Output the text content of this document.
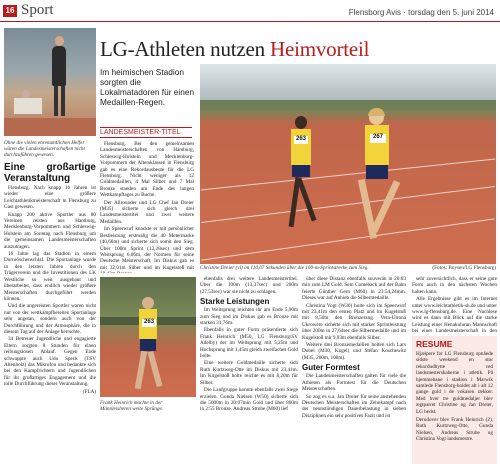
16 Sport	Flensborg Avis · torsdag den 5. juni 2014
Ohne die vielen ehrenamtlichen Helfer wären die Landesmeisterschaften nicht durchzuführen gewesen.
Eine großartige Veranstaltung

Flensburg. Nach knapp 16 Jahren ist wieder eine größere Leichtathletikmeisterschaft in Flensburg zu Gast gewesen.

Knapp 200 aktive Sportler aus 80 Vereinen reisten aus Hamburg, Mecklenburg-Vorpommern und Schleswig-Holstein am Sonntag nach Flensburg um die gemeinsamen Landesmeisterschaften auszutragen.

16 Jahre lag das Stadion in einem Dornröschenschlaf. Die Sportanlage wurde in den letzten Jahren durch den Trägerverein und die Investitionen des LK Westliche so weit ausgebaut und überarbeitet, dass endlich wieder größere Meisterschaften durchgeführt werden können.

Und die angereisten Sportler waren nicht nur von der wettkampfbereiten Sportanlage sehr angetan, sondern auch von der Durchführung und der Atmosphäre, die in diesem Tag auf der Anlage herrschte.

34 Betreuer Jugendliche und engagierte Eltern sorgten 8 Stunden für einen reibungslosen Ablauf. Gegen Ende schwappte auch Udo Speck (TSV Altenholz) das Mikrofon und bedankte sich bei den Kampfrichtern und Jugendlichen für ihr großartiges Engagement und die tolle Durchführung dieser Veranstaltung.

(FLA)

LG-Athleten nutzen Heimvorteil
Im heimischen Stadion sorgten die Lokalmatadoren für einen Medaillen-Regen.
LANDESMEISTER-TITEL
263	267
Christine Dreier (vl) im 110,07 Sekunden über die 100-m-Sprintstrecke zum Sieg.	(Fotos: Boysen/LG Flensburg)
263
Frank Heinrich machte in der Männleisheren weite Sprünge.

Flensburg. Bei den gemeinsamen Landesmeisterschaften von Hamburg, Schleswig-Holstein und Mecklenburg-Vorpommern der Altersklassen in Flensburg gab es eine Rekordausbeute für die LG Flensburg. Nicht weniger als 12 Goldmedaillen, 4 Mal Silber und 7 Mal Bronze standen am Ende des langen Wettkampftages zu Buche.

Der Allrounder und LG Chef Jan Dreier (M35) sicherte sich gleich drei Landesmeistertitel und zwei weitere Medaillen.

Im Speerwurf knackte er mit persönlicher Bestleistung erstmalig die 40 Metermarke (40,66m) und sicherte sich somit den Sieg. Über 100m Sprint (12,28sec) und dem Weitsprung 6,06m, der Normen für seine Deutsche Meisterschaft. Im Diskus gab es mit 32,01m Silber und im Kugelstoß mit

ebenfalls drei weitere Landesmeistertitel. Über die 100m (13,37sec) und 200m (27,53sec) war sie nicht zu schlagen.

Starke Leistungen

Im Weitsprung reichten ihr am Ende 5,00m zum Sieg und im Diskus gab es Bronze mit starken 31,76m.

Ebenfalls in guter Form präsentierte sich Frank Heinrich (M50, LG Flensburg/SV Adelby) der im Weitsprung mit 5,25m und Hochsprung mit 1,45m gleich zweifaches Gold holte.

Eine weitere Goldmedaille sicherte sich Ruth Kurtzweg-Otte im Diskus mit 23,41m. Im Kugelstoß holte reichte es mit 8,20m für Silber.

Die Laufgruppe konnte ebenfalls zwei Siege erzielen. Gunda Nielsen (W50) sicherte sich die 5000m in 20:07min Gold und über 800m in 2:55 Bronze. Andreas Strube (M60) lief

über diese Distanz ebenfalls souverän in 20:03 min zum LM Gold. Sein Comeback auf der Bahn feierte Günther Gern (M60) in 23:54,24min. Dieses war auf Anhieb die Silbermedaille.

Christina Vogt (W30) holte sich im Speerwurf mit 23,41m den ersten Platz und im Kugelstoß mit 8,50m den Bronzerang. Vera-Ulrona Ukrowere sicherte sich mit starker Sprintleistung über 200m in 27,64sec die Silbermedaille und im Kugelstoß mit 9,03m ebenfalls Silber.

Weitere drei Bronzemedaillen holten sich Lars Dobel (M30, Kugel) und Stefan Koschewitz (M35, 200m, 100m).

Guter Formtest

Die Landesmeisterschaften galten für viele die Athleten als Formtest für die Deutschen Meisterschaften.

So zog es u.a. Jan Dreier für seine anstehenden Deutschen Meisterschaften im Zehnkampf nach der neunstündigen Dauerbelastung in sieben Disziplinen ein sehr positives Fazit und ist

sehr zuversichtlich, dass er seine gute Form auch in den nächsten Wochen halten kann.

Alle Ergebnisse gibt es im Internet unter www.leichtathletik-sh.de und unter www.lg-flensburg.de. Eine Nachlese wird es dann mit Blick auf die starke Leistung einer Henakuluran Mannschaft bei einer Landesmeisterschaft in den

RESUME
Hjælpere for LG Flensburg opnåede sidste weekend en stor rekordudbytte ved landsmesterskaberne i atletik. På hjemmebane i stadion i Marwik samlede Flensborg-holdet alt i alt 12 gange guld i de vokasen rækker. Med hver tre guldmedaljer blev ægtparret Christine og Jan Dreier, LG bedst.
Derudover blev Frank Heinrich (2), Ruth Kurtzweg-Otte, Gunda Nielsen, Andreas Strube og Christina Vogt landsmestre.
